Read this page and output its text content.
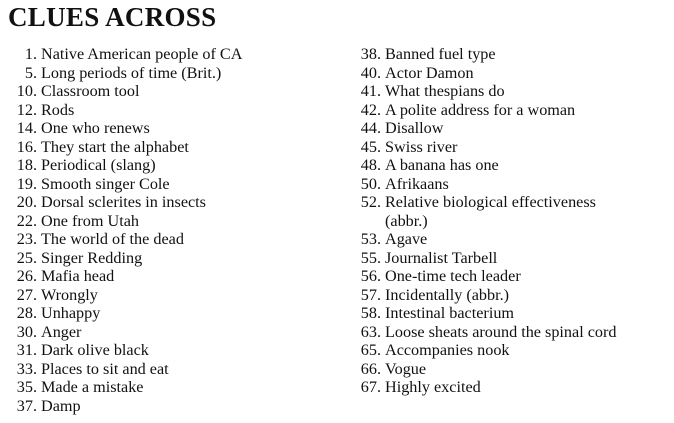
CLUES ACROSS
1. Native American people of CA
5. Long periods of time (Brit.)
10. Classroom tool
12. Rods
14. One who renews
16. They start the alphabet
18. Periodical (slang)
19. Smooth singer Cole
20. Dorsal sclerites in insects
22. One from Utah
23. The world of the dead
25. Singer Redding
26. Mafia head
27. Wrongly
28. Unhappy
30. Anger
31. Dark olive black
33. Places to sit and eat
35. Made a mistake
37. Damp
38. Banned fuel type
40. Actor Damon
41. What thespians do
42. A polite address for a woman
44. Disallow
45. Swiss river
48. A banana has one
50. Afrikaans
52. Relative biological effectiveness
(abbr.)
53. Agave
55. Journalist Tarbell
56. One-time tech leader
57. Incidentally (abbr.)
58. Intestinal bacterium
63. Loose sheats around the spinal cord
65. Accompanies nook
66. Vogue
67. Highly excited
